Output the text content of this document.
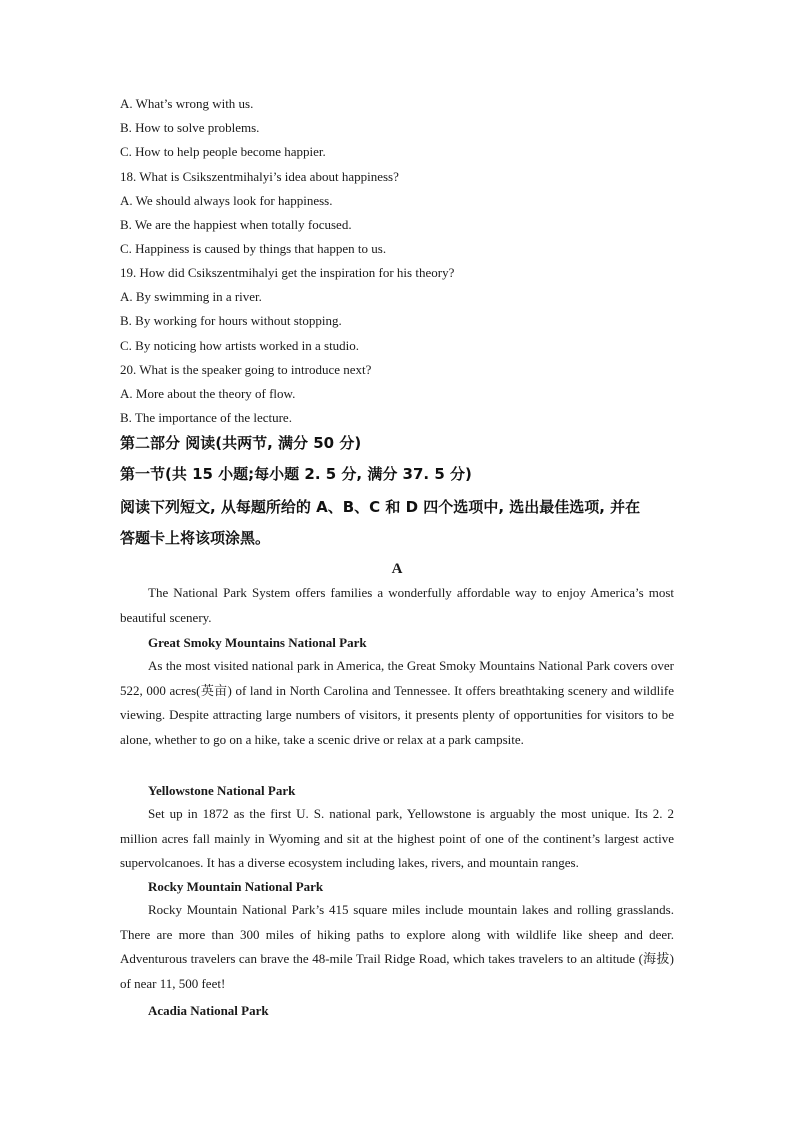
A. What’s wrong with us.
B. How to solve problems.
C. How to help people become happier.
18. What is Csikszentmihalyi’s idea about happiness?
A. We should always look for happiness.
B. We are the happiest when totally focused.
C. Happiness is caused by things that happen to us.
19. How did Csikszentmihalyi get the inspiration for his theory?
A. By swimming in a river.
B. By working for hours without stopping.
C. By noticing how artists worked in a studio.
20. What is the speaker going to introduce next?
A. More about the theory of flow.
B. The importance of the lecture.
第二部分 阅读(共两节, 满分 50 分)
第一节(共 15 小题;每小题 2. 5 分, 满分 37. 5 分)
阅读下列短文, 从每题所给的 A、B、C 和 D 四个选项中, 选出最佳选项, 并在
答题卡上将该项涂黑。
A

The National Park System offers families a wonderfully affordable way to enjoy America’s most beautiful scenery.

Great Smoky Mountains National Park

As the most visited national park in America, the Great Smoky Mountains National Park covers over 522, 000 acres(英亩) of land in North Carolina and Tennessee. It offers breathtaking scenery and wildlife viewing. Despite attracting large numbers of visitors, it presents plenty of opportunities for visitors to be alone, whether to go on a hike, take a scenic drive or relax at a park campsite.

Yellowstone National Park

Set up in 1872 as the first U. S. national park, Yellowstone is arguably the most unique. Its 2. 2 million acres fall mainly in Wyoming and sit at the highest point of one of the continent’s largest active supervolcanoes. It has a diverse ecosystem including lakes, rivers, and mountain ranges.

Rocky Mountain National Park

Rocky Mountain National Park’s 415 square miles include mountain lakes and rolling grasslands. There are more than 300 miles of hiking paths to explore along with wildlife like sheep and deer. Adventurous travelers can brave the 48-mile Trail Ridge Road, which takes travelers to an altitude (海拔) of near 11, 500 feet!

Acadia National Park
